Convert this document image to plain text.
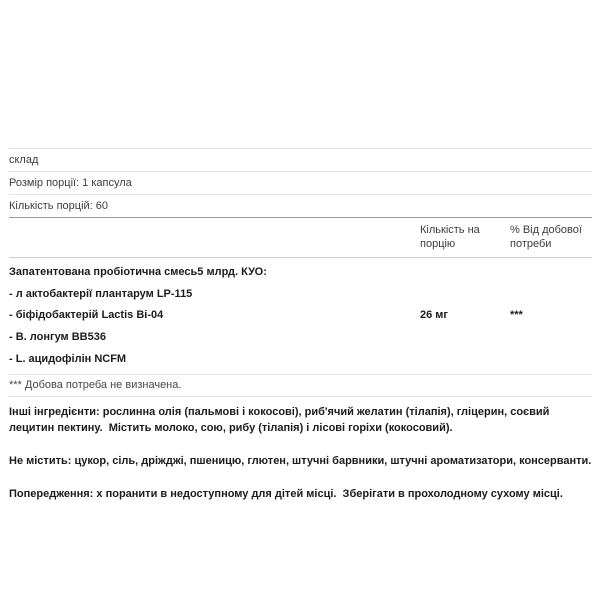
склад
Розмір порції: 1 капсула
Кількість порцій: 60
Кількість на порцію
% Від добової потреби
Запатентована пробіотична смесь5 млрд. КУО:
- л актобактерії плантарум LP-115
- біфідобактерій Lactis Bi-04	26 мг	***
- В. лонгум BB536
- L. ацидофілін NCFM
*** Добова потреба не визначена.

Інші інгредієнти: рослинна олія (пальмові і кокосові), риб'ячий желатин (тілапія), гліцерин, соєвий лецитин пектину.  Містить молоко, сою, рибу (тілапія) і лісові горіхи (кокосовий).

Не містить: цукор, сіль, дріжджі, пшеницю, глютен, штучні барвники, штучні ароматизатори, консерванти.

Попередження: х поранити в недоступному для дітей місці.  Зберігати в прохолодному сухому місці.
